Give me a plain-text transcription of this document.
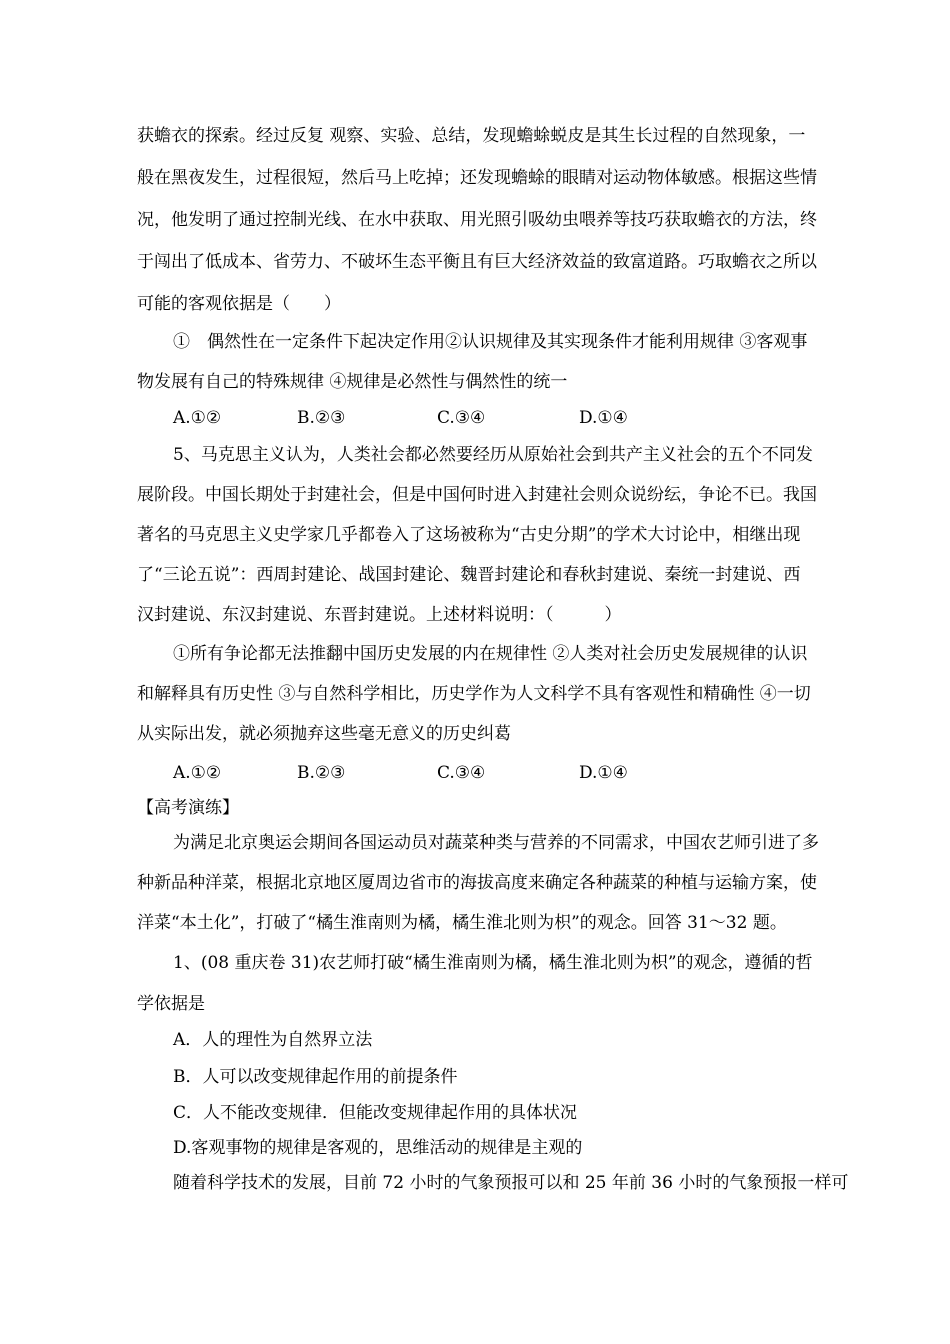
获蟾衣的探索。经过反复 观察、实验、总结，发现蟾蜍蜕皮是其生长过程的自然现象，一
般在黑夜发生，过程很短，然后马上吃掉；还发现蟾蜍的眼睛对运动物体敏感。根据这些情
况，他发明了通过控制光线、在水中获取、用光照引吸幼虫喂养等技巧获取蟾衣的方法，终
于闯出了低成本、省劳力、不破坏生态平衡且有巨大经济效益的致富道路。巧取蟾衣之所以
可能的客观依据是（　　）
①　偶然性在一定条件下起决定作用②认识规律及其实现条件才能利用规律 ③客观事
物发展有自己的特殊规律 ④规律是必然性与偶然性的统一
A.①②	B.②③	C.③④	D.①④
5、马克思主义认为，人类社会都必然要经历从原始社会到共产主义社会的五个不同发
展阶段。中国长期处于封建社会，但是中国何时进入封建社会则众说纷纭，争论不已。我国
著名的马克思主义史学家几乎都卷入了这场被称为“古史分期”的学术大讨论中，相继出现
了“三论五说”：西周封建论、战国封建论、魏晋封建论和春秋封建说、秦统一封建说、西
汉封建说、东汉封建说、东晋封建说。上述材料说明：（　　　）
①所有争论都无法推翻中国历史发展的内在规律性 ②人类对社会历史发展规律的认识
和解释具有历史性 ③与自然科学相比，历史学作为人文科学不具有客观性和精确性 ④一切
从实际出发，就必须抛弃这些毫无意义的历史纠葛
A.①②	B.②③	C.③④	D.①④
【高考演练】
为满足北京奥运会期间各国运动员对蔬菜种类与营养的不同需求，中国农艺师引进了多
种新品种洋菜，根据北京地区厦周边省市的海拔高度来确定各种蔬菜的种植与运输方案，使
洋菜“本土化”，打破了“橘生淮南则为橘，橘生淮北则为枳”的观念。回答 31～32 题。
1、(08 重庆卷 31)农艺师打破“橘生淮南则为橘，橘生淮北则为枳”的观念，遵循的哲
学依据是
A．人的理性为自然界立法
B．人可以改变规律起作用的前提条件
C．人不能改变规律．但能改变规律起作用的具体状况
D.客观事物的规律是客观的，思维活动的规律是主观的
随着科学技术的发展，目前 72 小时的气象预报可以和 25 年前 36 小时的气象预报一样可
